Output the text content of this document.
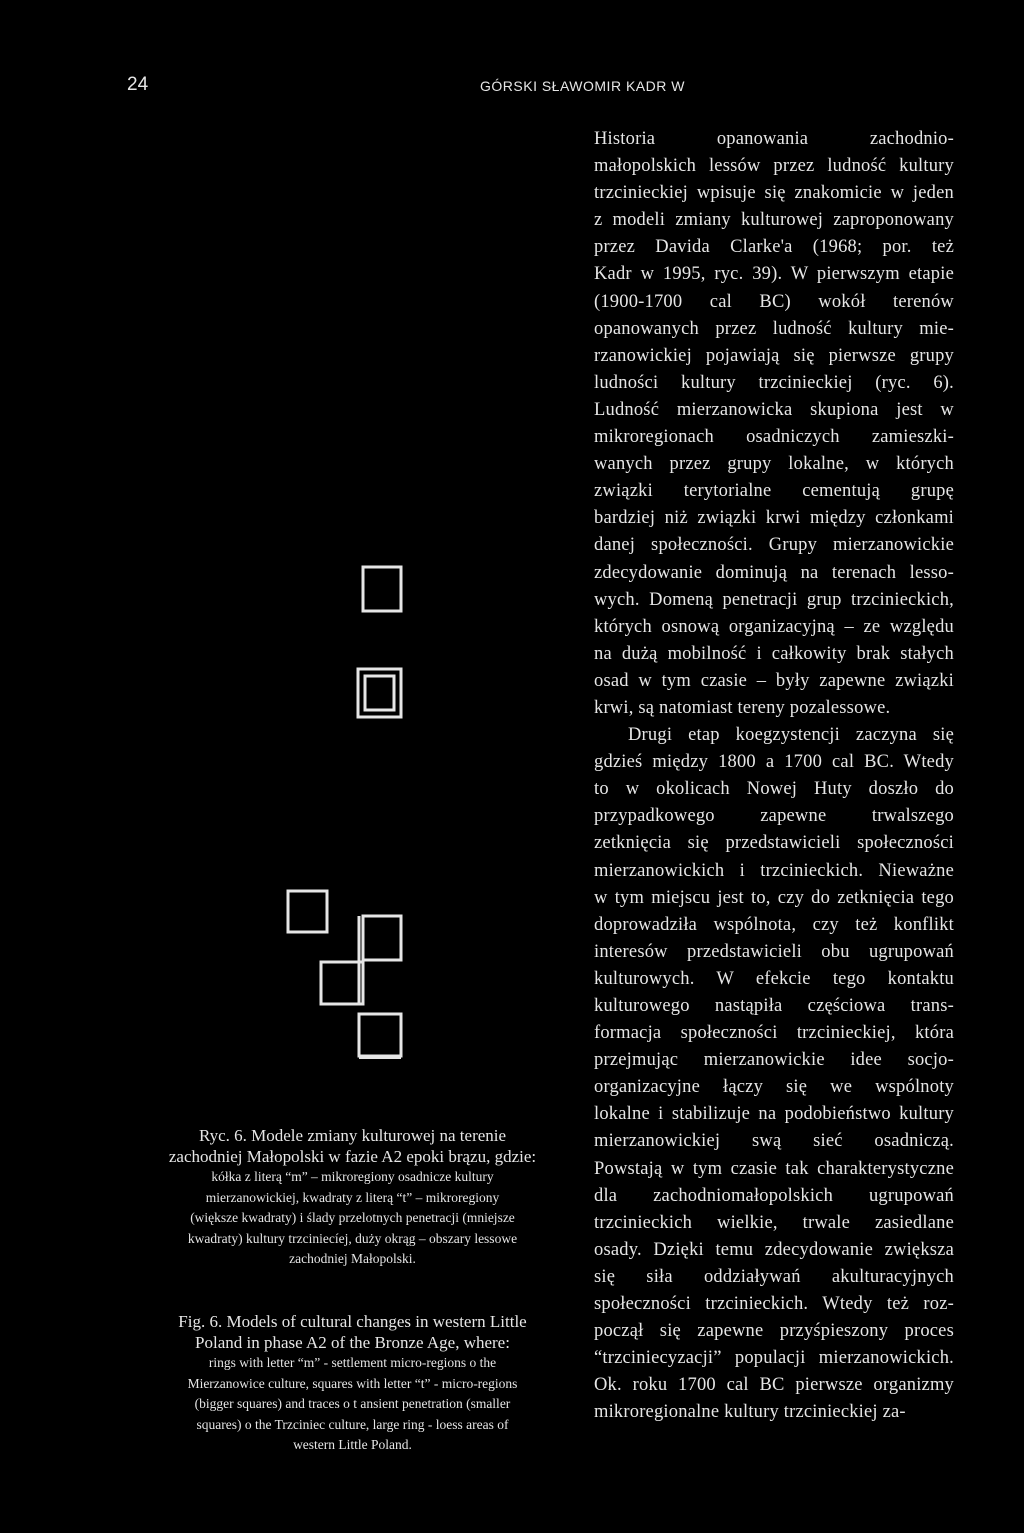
24	GÓRSKI SŁAWOMIR KADR W

Historia opanowania zachodnio-
małopolskich lessów przez ludność kultury
trzcinieckiej wpisuje się znakomicie w jeden
z modeli zmiany kulturowej zaproponowany
przez Davida Clarke'a (1968; por. też
Kadr w 1995, ryc. 39). W pierwszym etapie
(1900-1700 cal BC) wokół terenów
opanowanych przez ludność kultury mie-
rzanowickiej pojawiają się pierwsze grupy
ludności kultury trzcinieckiej (ryc. 6).
Ludność mierzanowicka skupiona jest w
mikroregionach osadniczych zamieszki-
wanych przez grupy lokalne, w których
związki terytorialne cementują grupę
bardziej niż związki krwi między członkami
danej społeczności. Grupy mierzanowickie
zdecydowanie dominują na terenach lesso-
wych. Domeną penetracji grup trzcinieckich,
których osnową organizacyjną – ze względu
na dużą mobilność i całkowity brak stałych
osad w tym czasie – były zapewne związki
krwi, są natomiast tereny pozalessowe.

Drugi etap koegzystencji zaczyna się
gdzieś między 1800 a 1700 cal BC. Wtedy
to w okolicach Nowej Huty doszło do
przypadkowego zapewne trwalszego
zetknięcia się przedstawicieli społeczności
mierzanowickich i trzcinieckich. Nieważne
w tym miejscu jest to, czy do zetknięcia tego
doprowadziła wspólnota, czy też konflikt
interesów przedstawicieli obu ugrupowań
kulturowych. W efekcie tego kontaktu
kulturowego nastąpiła częściowa trans-
formacja społeczności trzcinieckiej, która
przejmując mierzanowickie idee socjo-
organizacyjne łączy się we wspólnoty
lokalne i stabilizuje na podobieństwo kultury
mierzanowickiej swą sieć osadniczą.
Powstają w tym czasie tak charakterystyczne
dla zachodniomałopolskich ugrupowań
trzcinieckich wielkie, trwale zasiedlane
osady. Dzięki temu zdecydowanie zwiększa
się siła oddziaływań akulturacyjnych
społeczności trzcinieckich. Wtedy też roz-
począł się zapewne przyśpieszony proces
“trzciniecyzacji” populacji mierzanowickich.
Ok. roku 1700 cal BC pierwsze organizmy
mikroregionalne kultury trzcinieckiej za-

Ryc. 6. Modele zmiany kulturowej na terenie
zachodniej Małopolski w fazie A2 epoki brązu, gdzie:
kółka z literą “m” – mikroregiony osadnicze kultury
mierzanowickiej, kwadraty z literą “t” – mikroregiony
(większe kwadraty) i ślady przelotnych penetracji (mniejsze
kwadraty) kultury trzciniecíej, duży okrąg – obszary lessowe
zachodniej Małopolski.
Fig. 6. Models of cultural changes in western Little
Poland in phase A2 of the Bronze Age, where:
rings with letter “m” - settlement micro-regions o the
Mierzanowice culture, squares with letter “t” - micro-regions
(bigger squares) and traces o t ansient penetration (smaller
squares) o the Trzciniec culture, large ring - loess areas of
western Little Poland.
